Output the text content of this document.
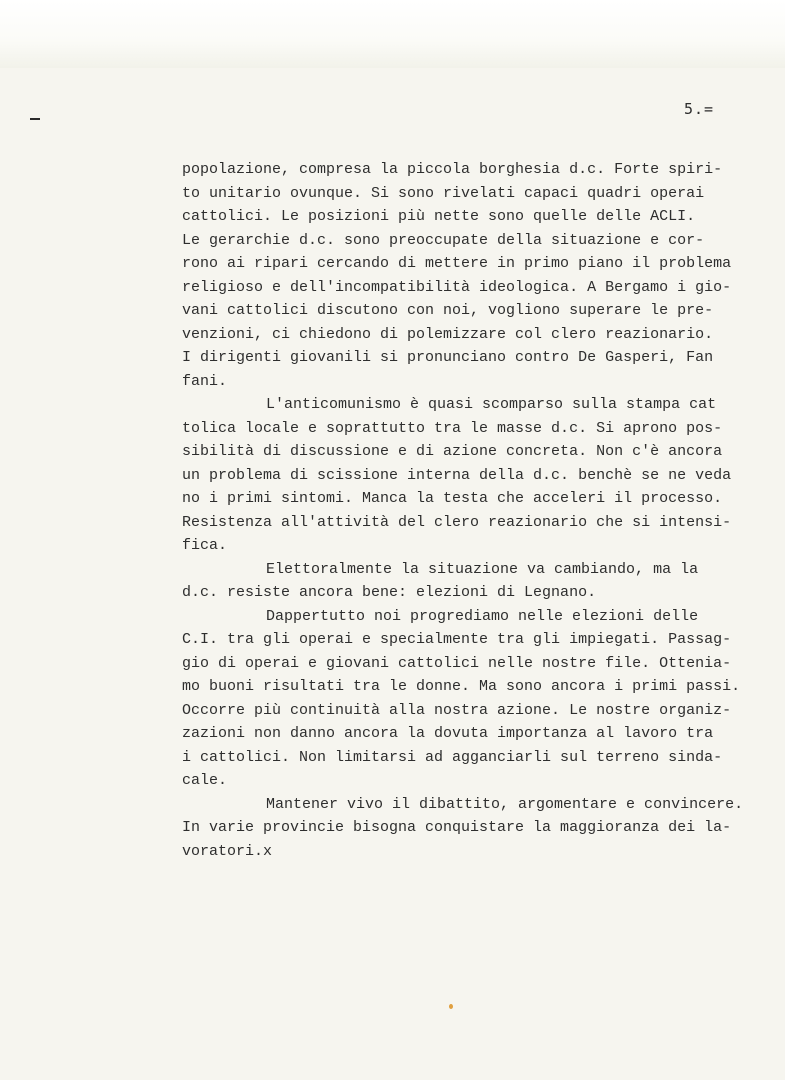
5.=
popolazione, compresa la piccola borghesia d.c. Forte spiri-
to unitario ovunque. Si sono rivelati capaci quadri operai
cattolici. Le posizioni più nette sono quelle delle ACLI.
Le gerarchie d.c. sono preoccupate della situazione e cor-
rono ai ripari cercando di mettere in primo piano il problema
religioso e dell'incompatibilità ideologica. A Bergamo i gio-
vani cattolici discutono con noi, vogliono superare le pre-
venzioni, ci chiedono di polemizzare col clero reazionario.
I dirigenti giovanili si pronunciano contro De Gasperi, Fan
fani.
L'anticomunismo è quasi scomparso sulla stampa cat
tolica locale e soprattutto tra le masse d.c. Si aprono pos-
sibilità di discussione e di azione concreta. Non c'è ancora
un problema di scissione interna della d.c. benchè se ne veda
no i primi sintomi. Manca la testa che acceleri il processo.
Resistenza all'attività del clero reazionario che si intensi-
fica.
Elettoralmente la situazione va cambiando, ma la
d.c. resiste ancora bene: elezioni di Legnano.
Dappertutto noi progrediamo nelle elezioni delle
C.I. tra gli operai e specialmente tra gli impiegati. Passag-
gio di operai e giovani cattolici nelle nostre file. Ottenia-
mo buoni risultati tra le donne. Ma sono ancora i primi passi.
Occorre più continuità alla nostra azione. Le nostre organiz-
zazioni non danno ancora la dovuta importanza al lavoro tra
i cattolici. Non limitarsi ad agganciarli sul terreno sinda-
cale.
Mantener vivo il dibattito, argomentare e convincere.
In varie provincie bisogna conquistare la maggioranza dei la-
voratori.x
